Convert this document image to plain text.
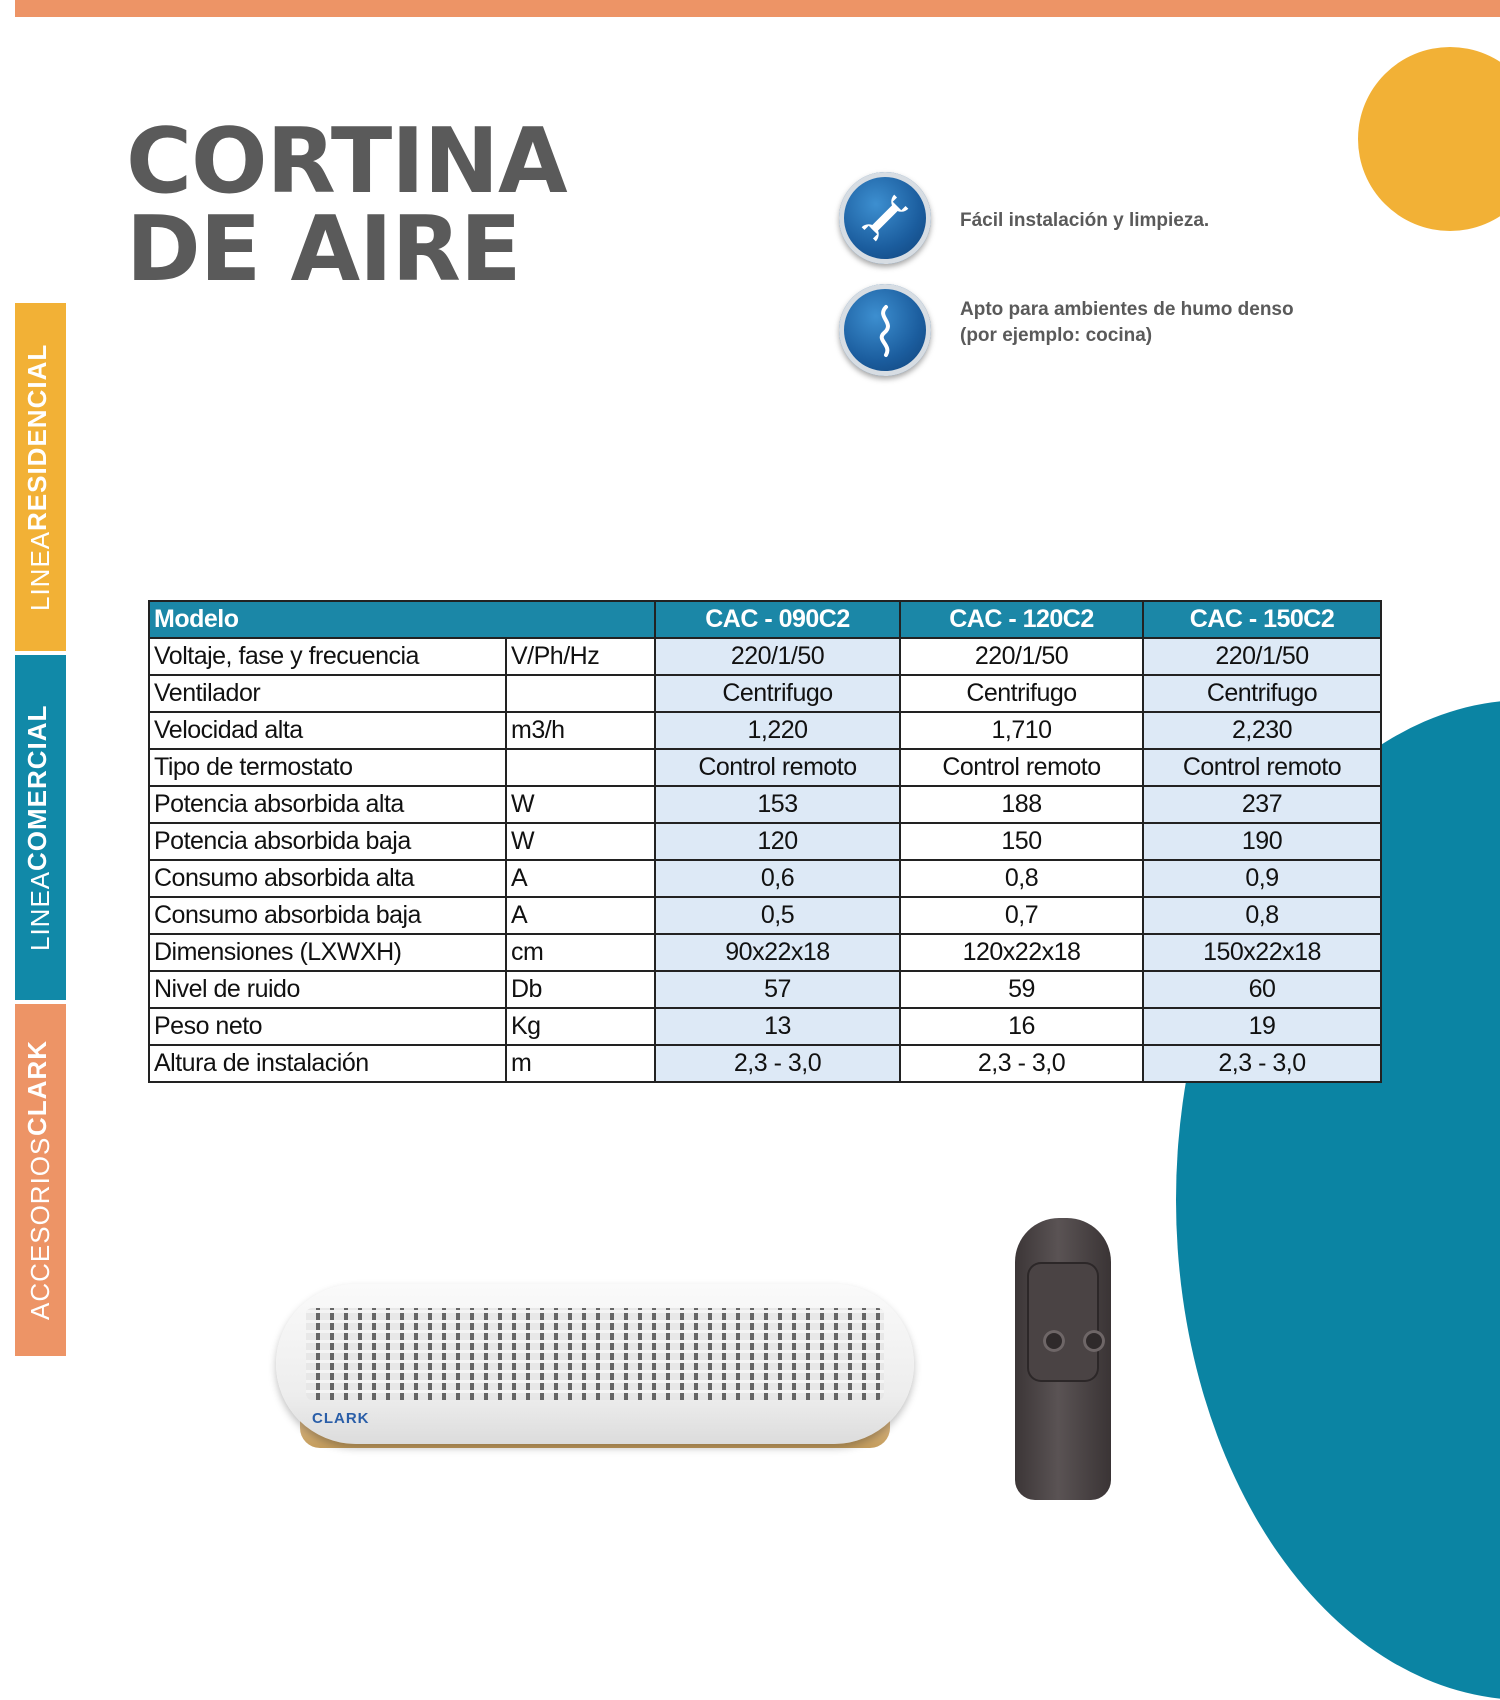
LINEA
RESIDENCIAL
LINEA
COMERCIAL
ACCESORIOS
CLARK
CORTINA
DE AIRE	Fácil instalación y limpieza.
Apto para ambientes de humo denso
(por ejemplo: cocina)
Modelo		CAC - 090C2	CAC - 120C2	CAC - 150C2
Voltaje, fase y frecuencia	V/Ph/Hz	220/1/50	220/1/50	220/1/50
Ventilador		Centrifugo	Centrifugo	Centrifugo
Velocidad alta	m3/h	1,220	1,710	2,230
Tipo de termostato		Control remoto	Control remoto	Control remoto
Potencia absorbida alta	W	153	188	237
Potencia absorbida baja	W	120	150	190
Consumo absorbida alta	A	0,6	0,8	0,9
Consumo absorbida baja	A	0,5	0,7	0,8
Dimensiones (LXWXH)	cm	90x22x18	120x22x18	150x22x18
Nivel de ruido	Db	57	59	60
Peso neto	Kg	13	16	19
Altura de instalación	m	2,3 - 3,0	2,3 - 3,0	2,3 - 3,0
CLARK
